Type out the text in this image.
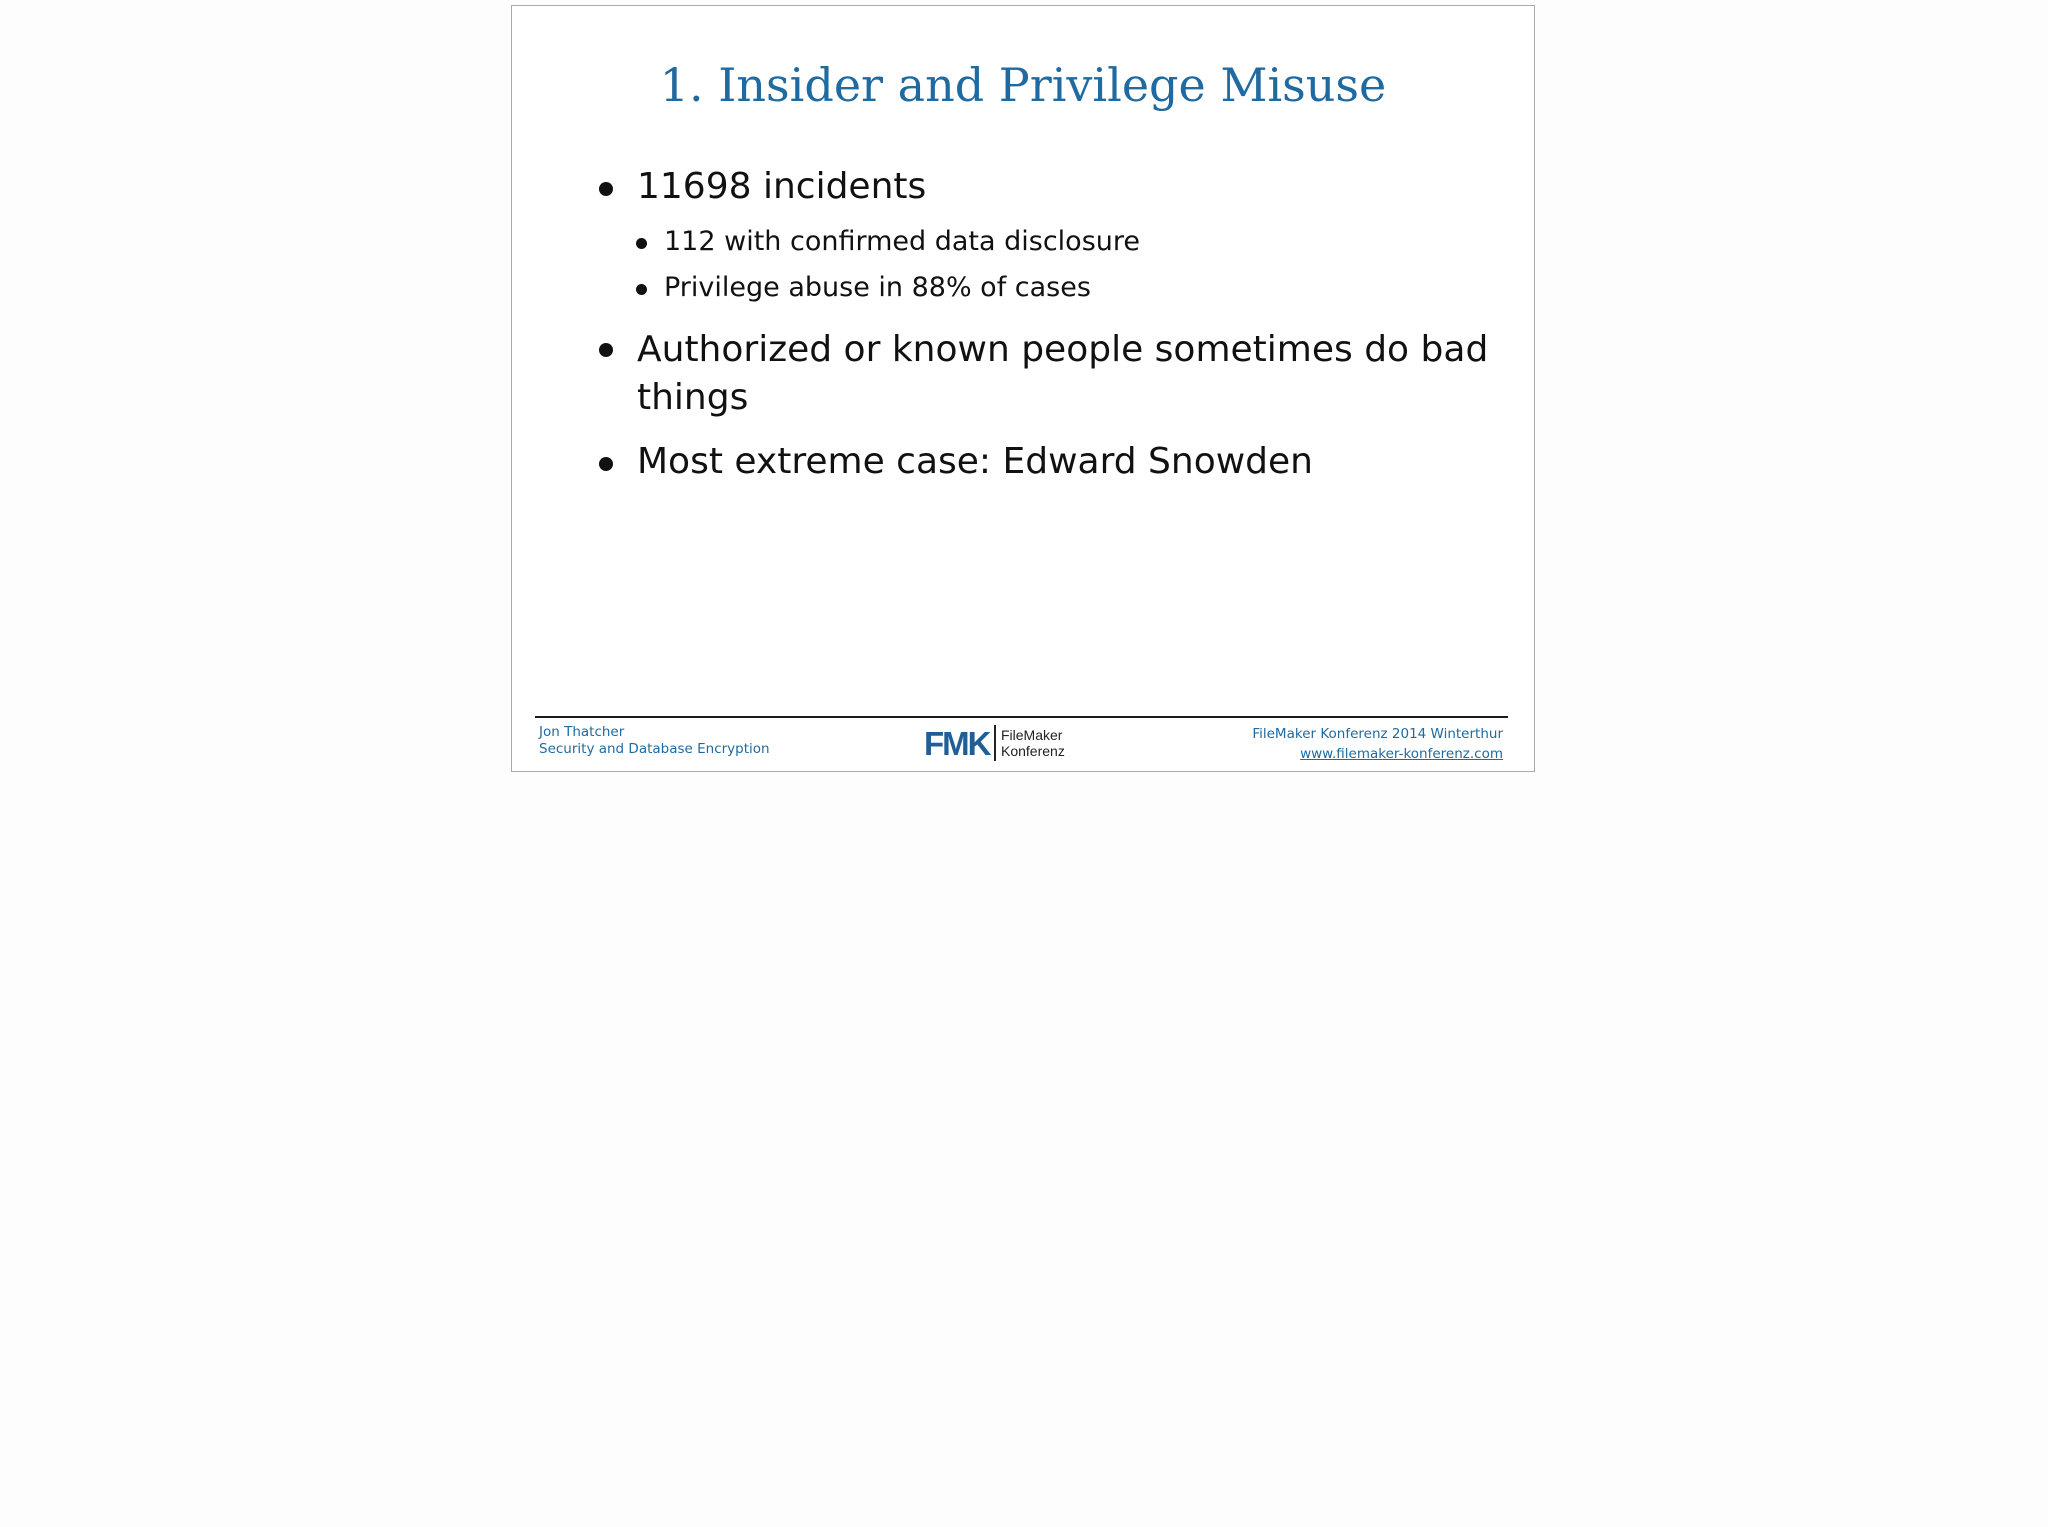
1. Insider and Privilege Misuse
11698 incidents
112 with confirmed data disclosure
Privilege abuse in 88% of cases
Authorized or known people sometimes do bad
things
Most extreme case: Edward Snowden
Jon Thatcher
Security and Database Encryption	FMK FileMaker
Konferenz
FileMaker Konferenz 2014 Winterthur
www.filemaker-konferenz.com
